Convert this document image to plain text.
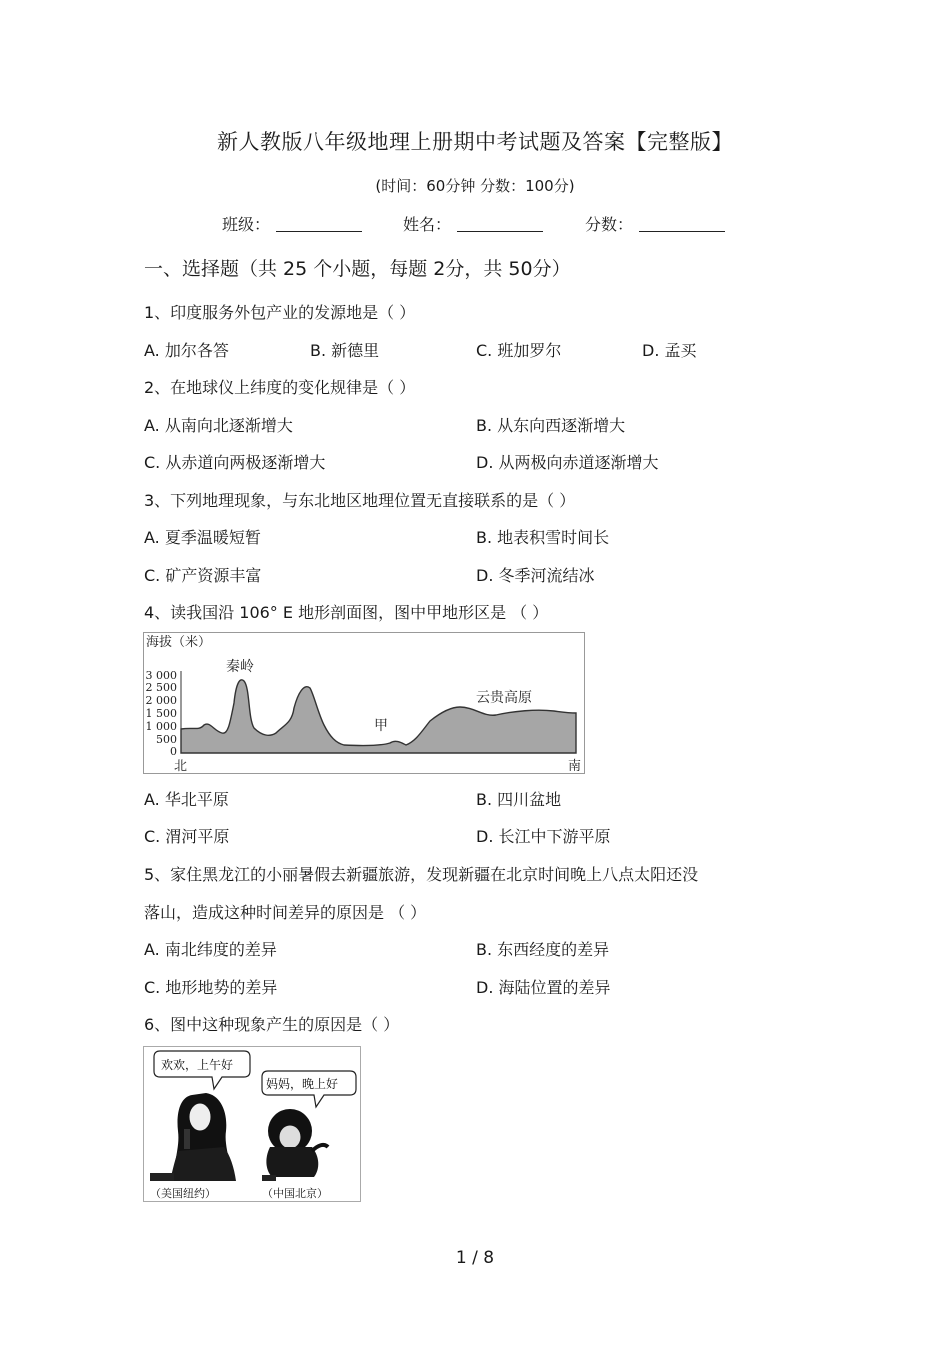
新人教版八年级地理上册期中考试题及答案【完整版】
(时间：60分钟 分数：100分)
班级：	姓名：	分数：
一、选择题（共 25 个小题，每题 2分，共 50分）
1、印度服务外包产业的发源地是（ ）
A. 加尔各答	B. 新德里	C. 班加罗尔	D. 孟买
2、在地球仪上纬度的变化规律是（ ）
A. 从南向北逐渐增大	B. 从东向西逐渐增大
C. 从赤道向两极逐渐增大	D. 从两极向赤道逐渐增大
3、下列地理现象，与东北地区地理位置无直接联系的是（ ）
A. 夏季温暖短暂	B. 地表积雪时间长
C. 矿产资源丰富	D. 冬季河流结冰
4、读我国沿 106° E 地形剖面图，图中甲地形区是 （ ）
海拔（米）
3 000
2 500
2 000
1 500
1 000
500
0
秦岭
甲
云贵高原
北	南
A. 华北平原	B. 四川盆地
C. 渭河平原	D. 长江中下游平原
5、家住黑龙江的小丽暑假去新疆旅游，发现新疆在北京时间晚上八点太阳还没
落山，造成这种时间差异的原因是 （ ）
A. 南北纬度的差异	B. 东西经度的差异
C. 地形地势的差异	D. 海陆位置的差异
6、图中这种现象产生的原因是（ ）
欢欢，上午好
妈妈，晚上好
（美国纽约）	（中国北京）
1 / 8
